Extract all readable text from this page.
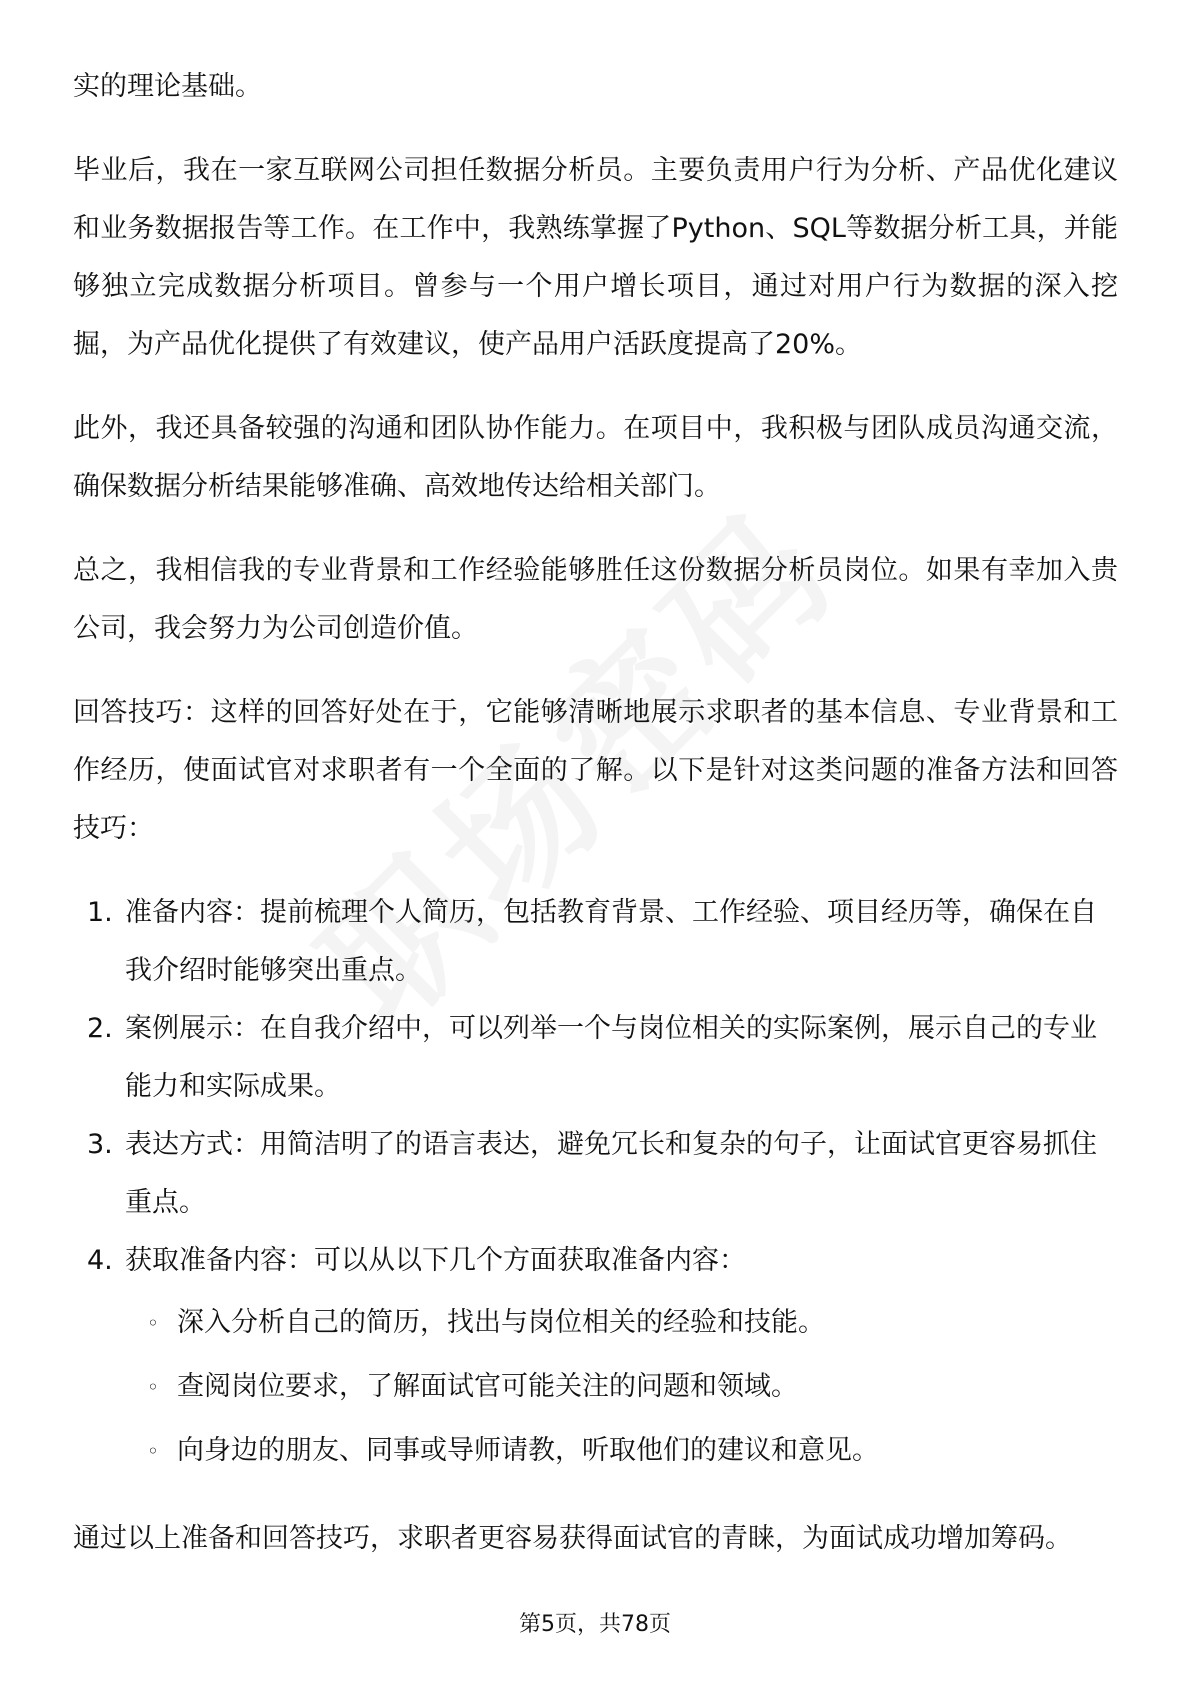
实的理论基础。

毕业后，我在一家互联网公司担任数据分析员。主要负责用户行为分析、产品优化建议和业务数据报告等工作。在工作中，我熟练掌握了Python、SQL等数据分析工具，并能够独立完成数据分析项目。曾参与一个用户增长项目，通过对用户行为数据的深入挖掘，为产品优化提供了有效建议，使产品用户活跃度提高了20%。

此外，我还具备较强的沟通和团队协作能力。在项目中，我积极与团队成员沟通交流，确保数据分析结果能够准确、高效地传达给相关部门。

总之，我相信我的专业背景和工作经验能够胜任这份数据分析员岗位。如果有幸加入贵公司，我会努力为公司创造价值。

回答技巧：这样的回答好处在于，它能够清晰地展示求职者的基本信息、专业背景和工作经历，使面试官对求职者有一个全面的了解。以下是针对这类问题的准备方法和回答技巧：

1. 准备内容：提前梳理个人简历，包括教育背景、工作经验、项目经历等，确保在自我介绍时能够突出重点。
2. 案例展示：在自我介绍中，可以列举一个与岗位相关的实际案例，展示自己的专业能力和实际成果。
3. 表达方式：用简洁明了的语言表达，避免冗长和复杂的句子，让面试官更容易抓住重点。
4. 获取准备内容：可以从以下几个方面获取准备内容：
◦ 深入分析自己的简历，找出与岗位相关的经验和技能。
◦ 查阅岗位要求，了解面试官可能关注的问题和领域。
◦ 向身边的朋友、同事或导师请教，听取他们的建议和意见。

通过以上准备和回答技巧，求职者更容易获得面试官的青睐，为面试成功增加筹码。

第5页，共78页
